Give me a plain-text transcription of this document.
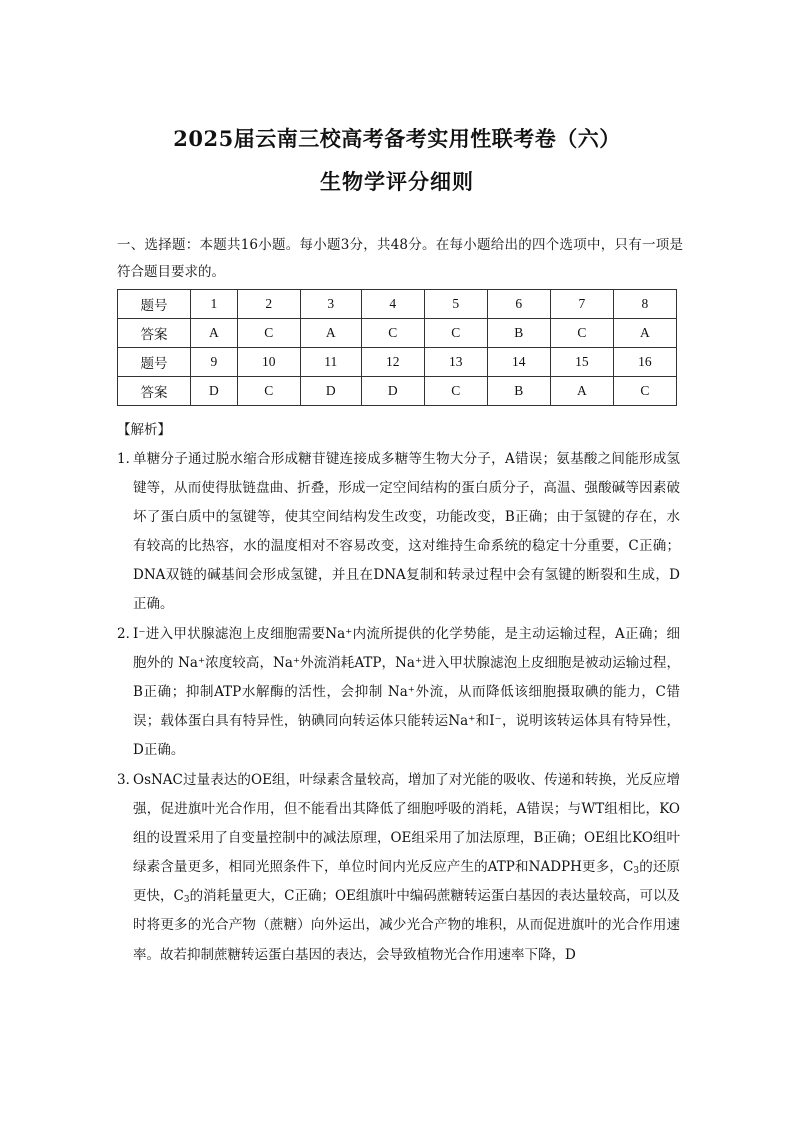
2025届云南三校高考备考实用性联考卷（六）
生物学评分细则
一、选择题：本题共16小题。每小题3分，共48分。在每小题给出的四个选项中，只有一项是符合题目要求的。
题号	1	2	3	4	5	6	7	8
答案	A	C	A	C	C	B	C	A
题号	9	10	11	12	13	14	15	16
答案	D	C	D	D	C	B	A	C
【解析】
1．
单糖分子通过脱水缩合形成糖苷键连接成多糖等生物大分子，A错误；氨基酸之间能形成氢键等，从而使得肽链盘曲、折叠，形成一定空间结构的蛋白质分子，高温、强酸碱等因素破坏了蛋白质中的氢键等，使其空间结构发生改变，功能改变，B正确；由于氢键的存在，水有较高的比热容，水的温度相对不容易改变，这对维持生命系统的稳定十分重要，C正确；DNA双链的碱基间会形成氢键，并且在DNA复制和转录过程中会有氢键的断裂和生成，D正确。
2．
I⁻进入甲状腺滤泡上皮细胞需要Na⁺内流所提供的化学势能，是主动运输过程，A正确；细胞外的 Na⁺浓度较高，Na⁺外流消耗ATP，Na⁺进入甲状腺滤泡上皮细胞是被动运输过程，B正确；抑制ATP水解酶的活性，会抑制 Na⁺外流，从而降低该细胞摄取碘的能力，C错误；载体蛋白具有特异性，钠碘同向转运体只能转运Na⁺和I⁻，说明该转运体具有特异性，D正确。
3．
OsNAC过量表达的OE组，叶绿素含量较高，增加了对光能的吸收、传递和转换，光反应增强，促进旗叶光合作用，但不能看出其降低了细胞呼吸的消耗，A错误；与WT组相比，KO组的设置采用了自变量控制中的减法原理，OE组采用了加法原理，B正确；OE组比KO组叶绿素含量更多，相同光照条件下，单位时间内光反应产生的ATP和NADPH更多，$C_3$的还原更快，$C_3$的消耗量更大，C正确；OE组旗叶中编码蔗糖转运蛋白基因的表达量较高，可以及时将更多的光合产物（蔗糖）向外运出，减少光合产物的堆积，从而促进旗叶的光合作用速率。故若抑制蔗糖转运蛋白基因的表达，会导致植物光合作用速率下降，D
